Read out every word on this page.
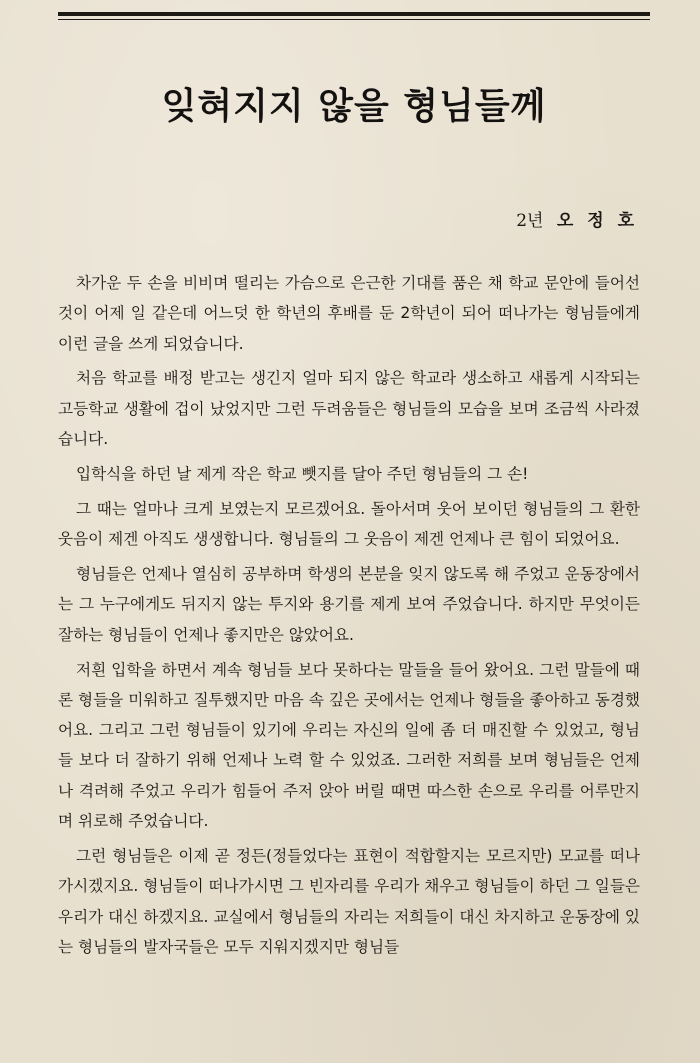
잊혀지지 않을 형님들께
2년 오 정 호

차가운 두 손을 비비며 떨리는 가슴으로 은근한 기대를 품은 채 학교 문안에 들어선 것이 어제 일 같은데 어느덧 한 학년의 후배를 둔 2학년이 되어 떠나가는 형님들에게 이런 글을 쓰게 되었습니다.

처음 학교를 배정 받고는 생긴지 얼마 되지 않은 학교라 생소하고 새롭게 시작되는 고등학교 생활에 겁이 났었지만 그런 두려움들은 형님들의 모습을 보며 조금씩 사라졌습니다.

입학식을 하던 날 제게 작은 학교 뺏지를 달아 주던 형님들의 그 손!

그 때는 얼마나 크게 보였는지 모르겠어요. 돌아서며 웃어 보이던 형님들의 그 환한 웃음이 제겐 아직도 생생합니다. 형님들의 그 웃음이 제겐 언제나 큰 힘이 되었어요.

형님들은 언제나 열심히 공부하며 학생의 본분을 잊지 않도록 해 주었고 운동장에서는 그 누구에게도 뒤지지 않는 투지와 용기를 제게 보여 주었습니다. 하지만 무엇이든 잘하는 형님들이 언제나 좋지만은 않았어요.

저흰 입학을 하면서 계속 형님들 보다 못하다는 말들을 들어 왔어요. 그런 말들에 때론 형들을 미워하고 질투했지만 마음 속 깊은 곳에서는 언제나 형들을 좋아하고 동경했어요. 그리고 그런 형님들이 있기에 우리는 자신의 일에 좀 더 매진할 수 있었고, 형님들 보다 더 잘하기 위해 언제나 노력 할 수 있었죠. 그러한 저희를 보며 형님들은 언제나 격려해 주었고 우리가 힘들어 주저 앉아 버릴 때면 따스한 손으로 우리를 어루만지며 위로해 주었습니다.

그런 형님들은 이제 곧 정든(정들었다는 표현이 적합할지는 모르지만) 모교를 떠나 가시겠지요. 형님들이 떠나가시면 그 빈자리를 우리가 채우고 형님들이 하던 그 일들은 우리가 대신 하겠지요. 교실에서 형님들의 자리는 저희들이 대신 차지하고 운동장에 있는 형님들의 발자국들은 모두 지워지겠지만 형님들
